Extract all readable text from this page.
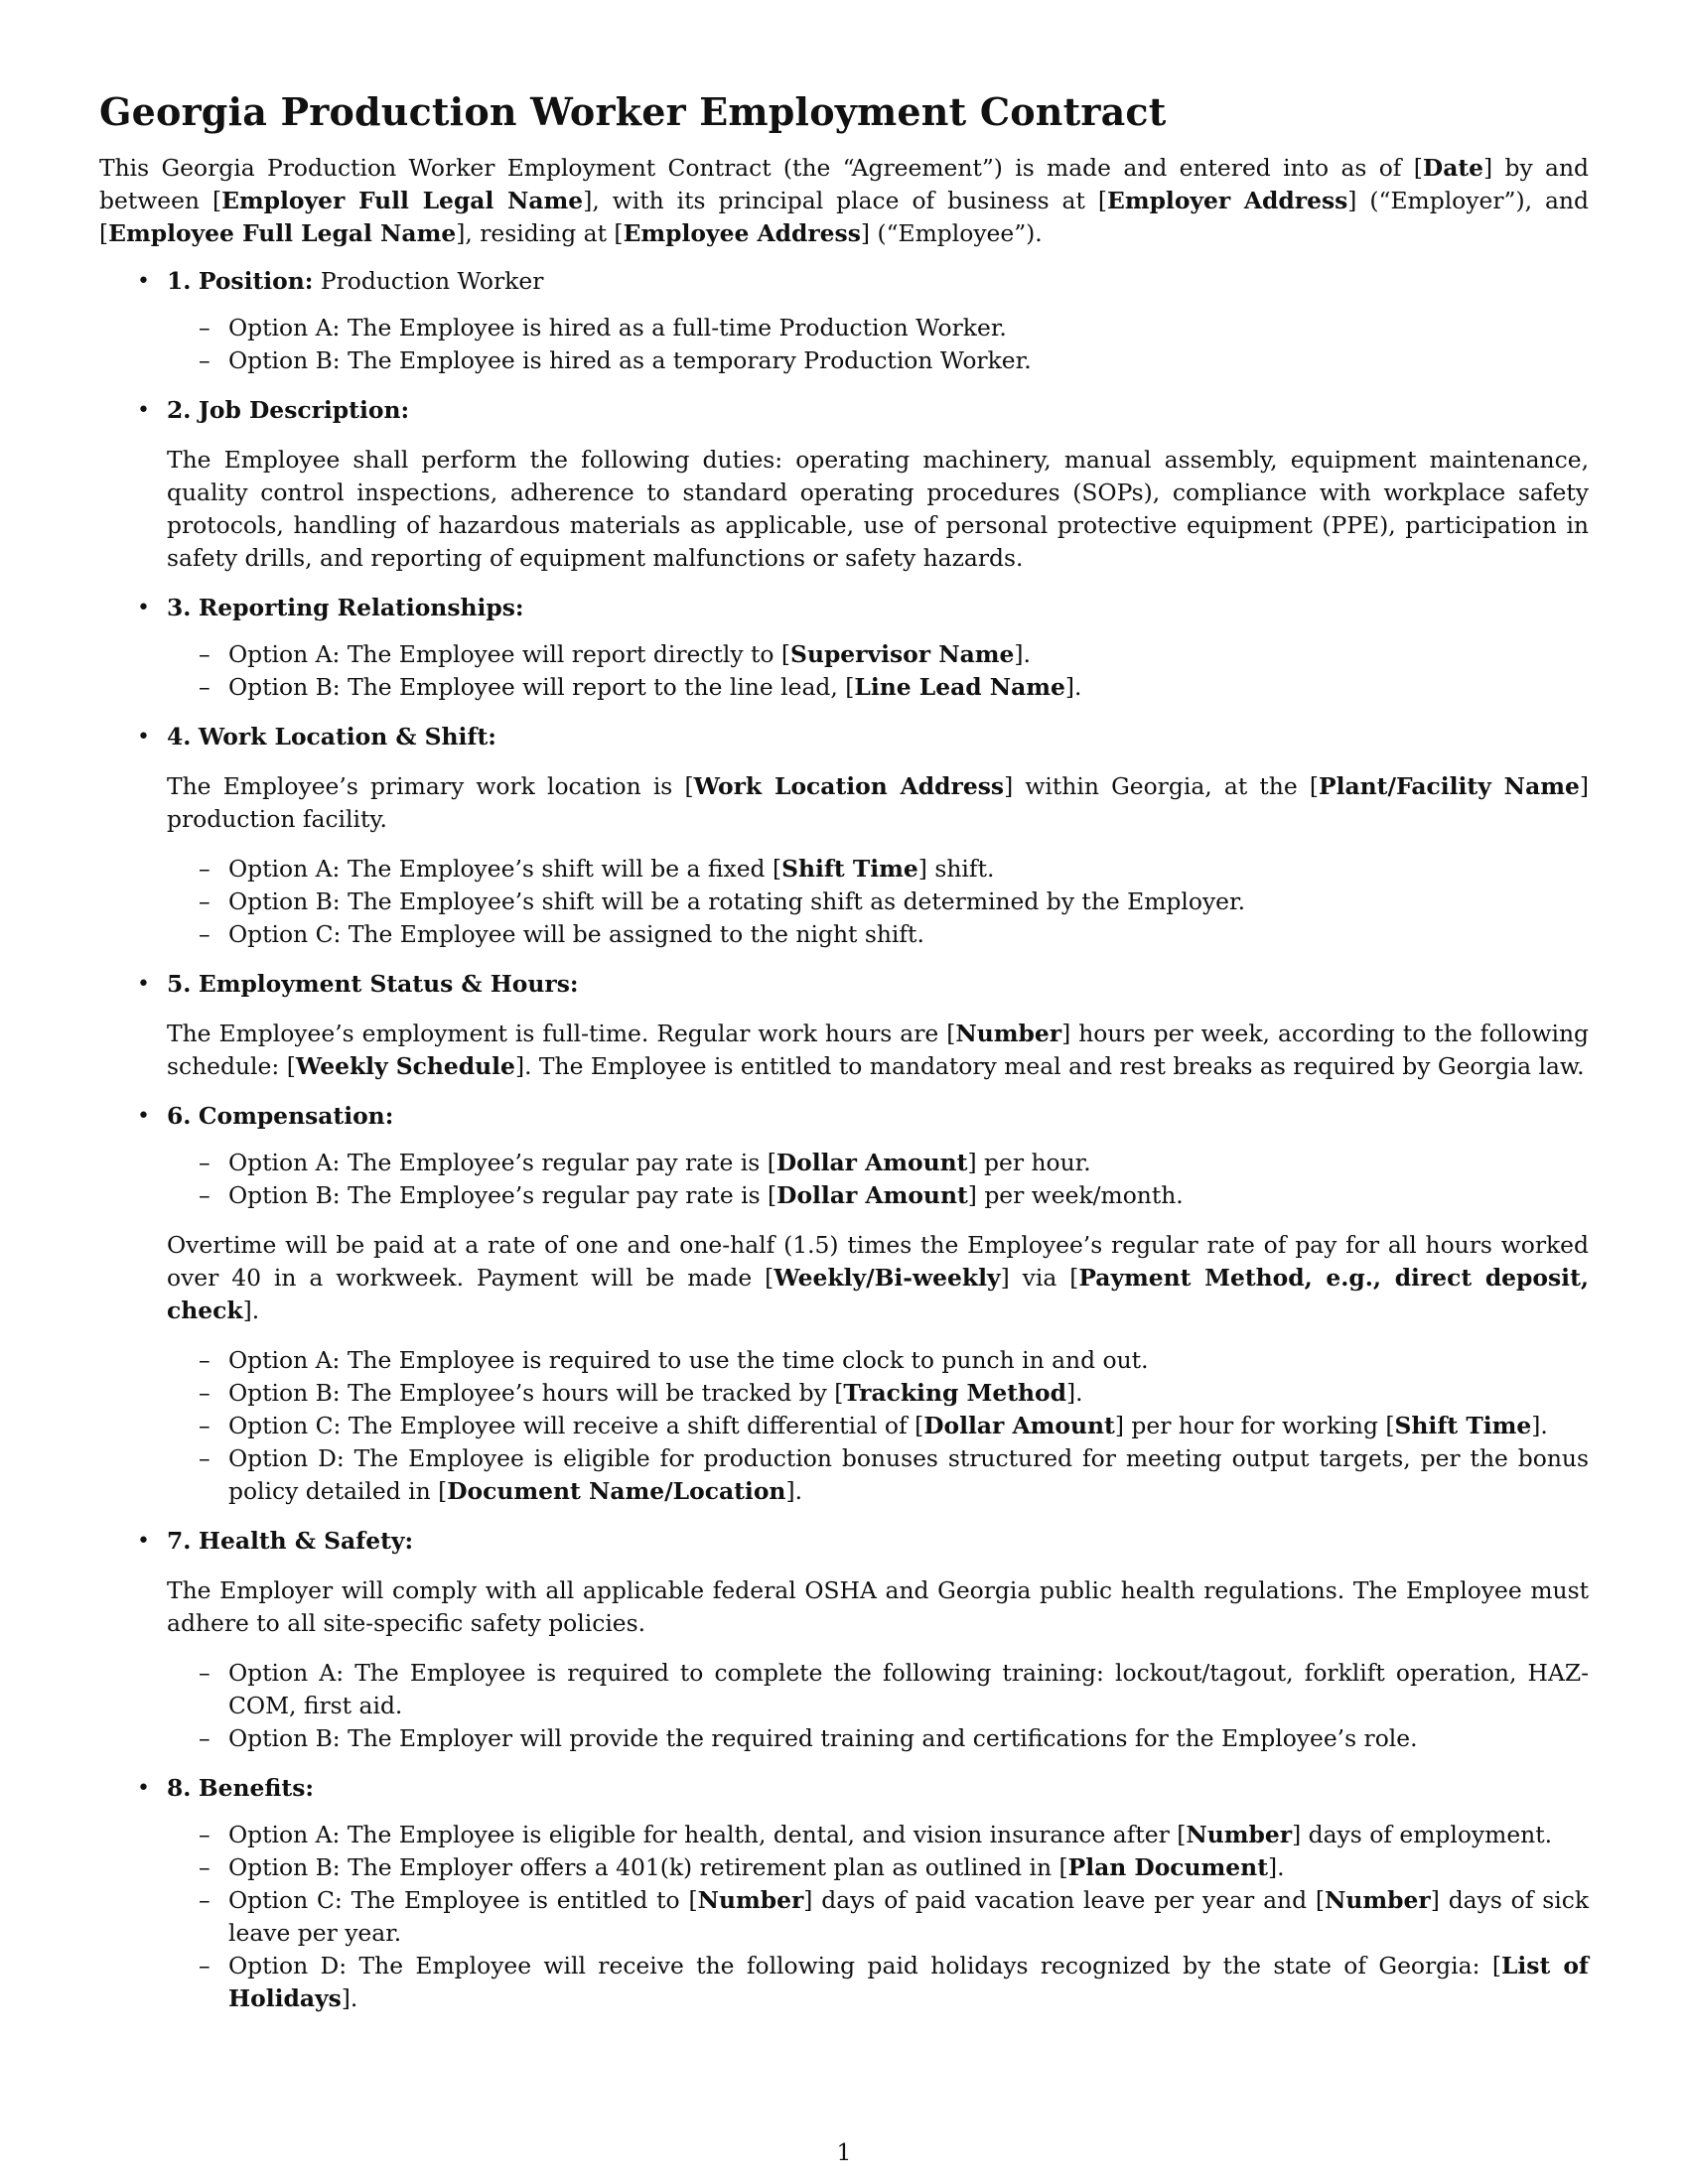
Georgia Production Worker Employment Contract

This Georgia Production Worker Employment Contract (the “Agreement”) is made and entered into as of [Date] by and between [Employer Full Legal Name], with its principal place of business at [Employer Address] (“Employer”), and [Employee Full Legal Name], residing at [Employee Address] (“Employee”).

• 1. Position: Production Worker
– Option A: The Employee is hired as a full-time Production Worker.
– Option B: The Employee is hired as a temporary Production Worker.
• 2. Job Description:

The Employee shall perform the following duties: operating machinery, manual assembly, equipment maintenance, quality control inspections, adherence to standard operating procedures (SOPs), compliance with workplace safety protocols, handling of hazardous materials as applicable, use of personal protective equipment (PPE), participation in safety drills, and reporting of equipment malfunctions or safety hazards.

• 3. Reporting Relationships:
– Option A: The Employee will report directly to [Supervisor Name].
– Option B: The Employee will report to the line lead, [Line Lead Name].
• 4. Work Location & Shift:

The Employee’s primary work location is [Work Location Address] within Georgia, at the [Plant/Facility Name] production facility.

– Option A: The Employee’s shift will be a fixed [Shift Time] shift.
– Option B: The Employee’s shift will be a rotating shift as determined by the Employer.
– Option C: The Employee will be assigned to the night shift.
• 5. Employment Status & Hours:

The Employee’s employment is full-time. Regular work hours are [Number] hours per week, according to the following schedule: [Weekly Schedule]. The Employee is entitled to mandatory meal and rest breaks as required by Georgia law.

• 6. Compensation:
– Option A: The Employee’s regular pay rate is [Dollar Amount] per hour.
– Option B: The Employee’s regular pay rate is [Dollar Amount] per week/month.

Overtime will be paid at a rate of one and one-half (1.5) times the Employee’s regular rate of pay for all hours worked over 40 in a workweek. Payment will be made [Weekly/Bi-weekly] via [Payment Method, e.g., direct deposit, check].

– Option A: The Employee is required to use the time clock to punch in and out.
– Option B: The Employee’s hours will be tracked by [Tracking Method].
– Option C: The Employee will receive a shift differential of [Dollar Amount] per hour for working [Shift Time].
– Option D: The Employee is eligible for production bonuses structured for meeting output targets, per the bonus policy detailed in [Document Name/Location].
• 7. Health & Safety:

The Employer will comply with all applicable federal OSHA and Georgia public health regulations. The Employee must adhere to all site-specific safety policies.

– Option A: The Employee is required to complete the following training: lockout/tagout, forklift operation, HAZ-COM, first aid.
– Option B: The Employer will provide the required training and certifications for the Employee’s role.
• 8. Benefits:
– Option A: The Employee is eligible for health, dental, and vision insurance after [Number] days of employment.
– Option B: The Employer offers a 401(k) retirement plan as outlined in [Plan Document].
– Option C: The Employee is entitled to [Number] days of paid vacation leave per year and [Number] days of sick leave per year.
– Option D: The Employee will receive the following paid holidays recognized by the state of Georgia: [List of Holidays].
1
